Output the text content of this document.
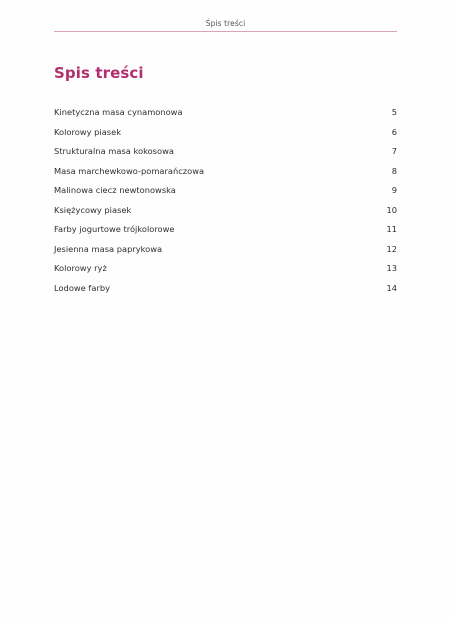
Śpis treści
Spis treści
Kinetyczna masa cynamonowa	5
Kolorowy piasek	6
Strukturalna masa kokosowa	7
Masa marchewkowo-pomarańczowa	8
Malinowa ciecz newtonowska	9
Księżycowy piasek	10
Farby jogurtowe trójkolorowe	11
Jesienna masa paprykowa	12
Kolorowy ryż	13
Lodowe farby	14
